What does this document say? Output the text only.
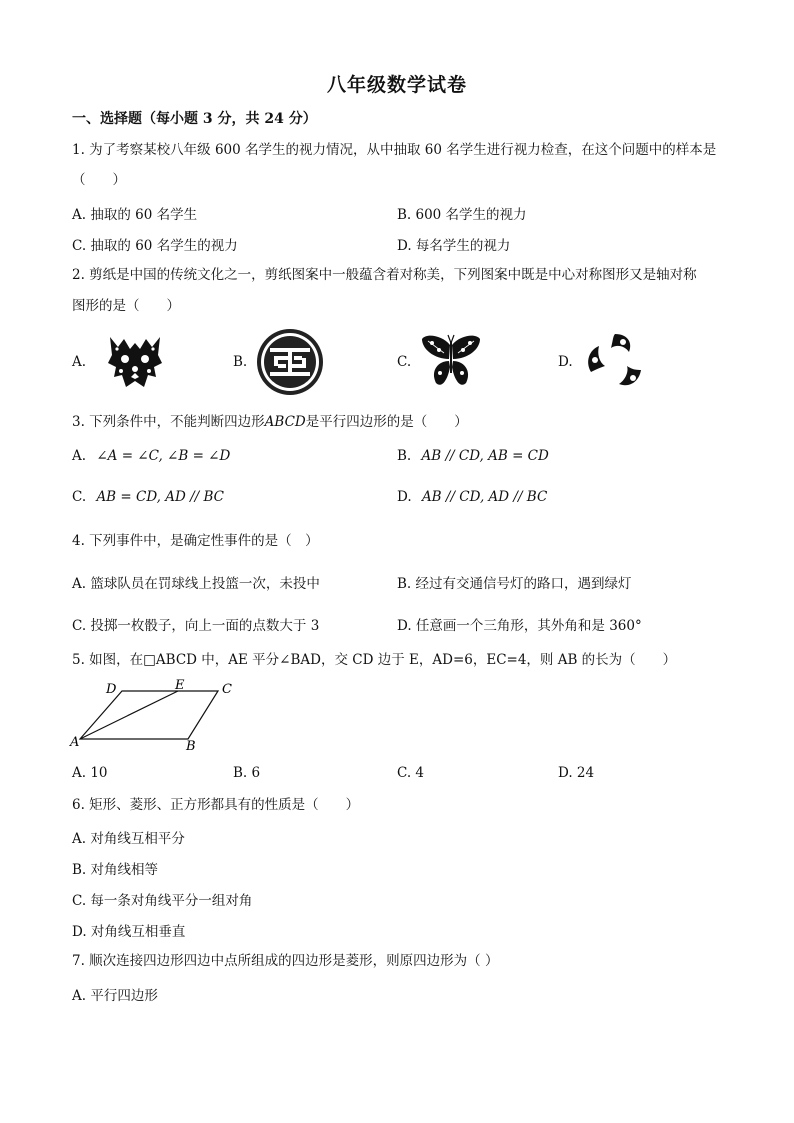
八年级数学试卷
一、选择题（每小题 3 分，共 24 分）
1. 为了考察某校八年级 600 名学生的视力情况，从中抽取 60 名学生进行视力检查，在这个问题中的样本是
（　　）
A. 抽取的 60 名学生	B. 600 名学生的视力
C. 抽取的 60 名学生的视力	D. 每名学生的视力
2. 剪纸是中国的传统文化之一，剪纸图案中一般蕴含着对称美，下列图案中既是中心对称图形又是轴对称
图形的是（　　）
A.	B.	C.	D.
3. 下列条件中，不能判断四边形ABCD是平行四边形的是（　　）
A. ∠A = ∠C, ∠B = ∠D	B. AB // CD, AB = CD
C. AB = CD, AD // BC	D. AB // CD, AD // BC
4. 下列事件中，是确定性事件的是（　）
A. 篮球队员在罚球线上投篮一次，未投中	B. 经过有交通信号灯的路口，遇到绿灯
C. 投掷一枚骰子，向上一面的点数大于 3	D. 任意画一个三角形，其外角和是 360°
5. 如图，在□ABCD 中，AE 平分∠BAD，交 CD 边于 E，AD=6，EC=4，则 AB 的长为（　　）
D	E	C
A	B
A. 10	B. 6	C. 4	D. 24
6. 矩形、菱形、正方形都具有的性质是（　　）
A. 对角线互相平分
B. 对角线相等
C. 每一条对角线平分一组对角
D. 对角线互相垂直
7. 顺次连接四边形四边中点所组成的四边形是菱形，则原四边形为（ ）
A. 平行四边形
